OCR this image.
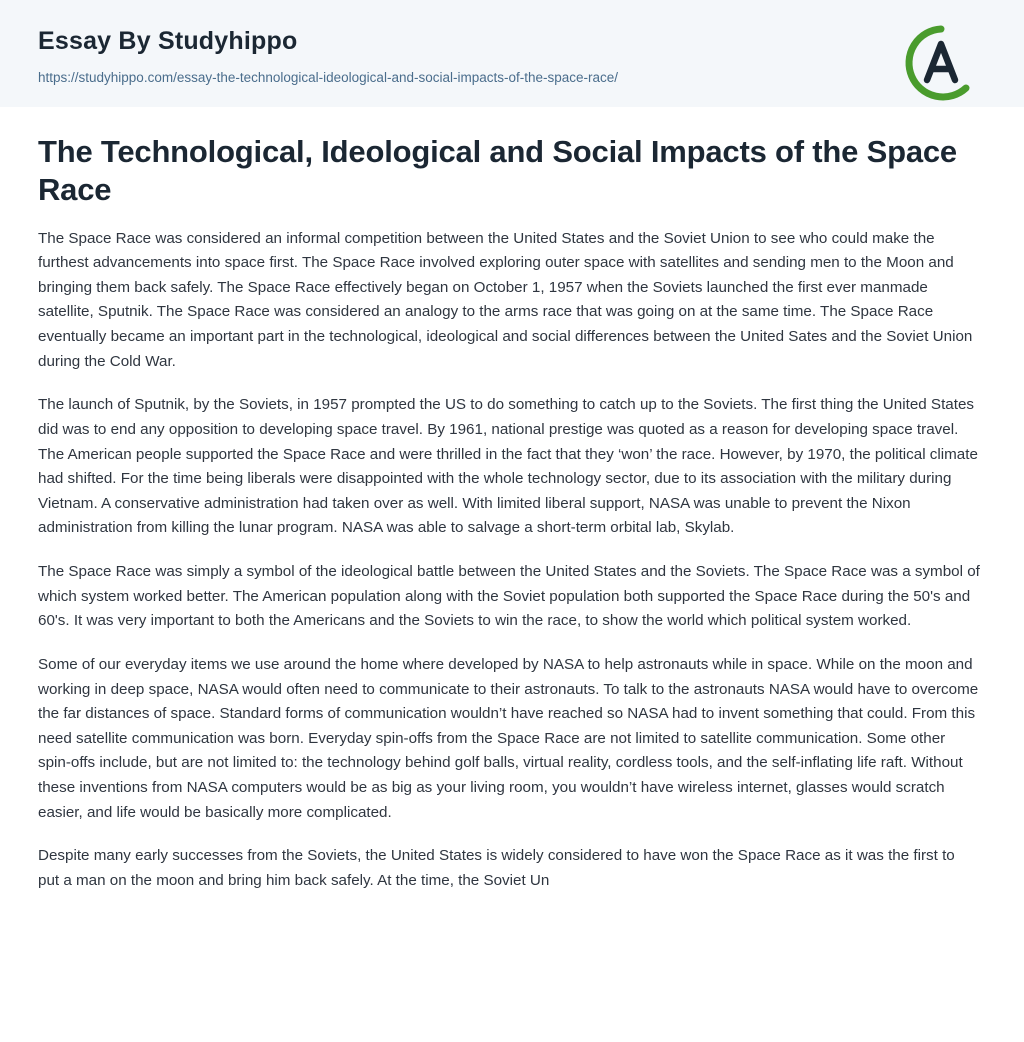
Essay By Studyhippo
https://studyhippo.com/essay-the-technological-ideological-and-social-impacts-of-the-space-race/
The Technological, Ideological and Social Impacts of the Space Race

The Space Race was considered an informal competition between the United States and the Soviet Union to see who could make the furthest advancements into space first. The Space Race involved exploring outer space with satellites and sending men to the Moon and bringing them back safely. The Space Race effectively began on October 1, 1957 when the Soviets launched the first ever manmade satellite, Sputnik. The Space Race was considered an analogy to the arms race that was going on at the same time. The Space Race eventually became an important part in the technological, ideological and social differences between the United Sates and the Soviet Union during the Cold War.

The launch of Sputnik, by the Soviets, in 1957 prompted the US to do something to catch up to the Soviets. The first thing the United States did was to end any opposition to developing space travel. By 1961, national prestige was quoted as a reason for developing space travel. The American people supported the Space Race and were thrilled in the fact that they ‘won’ the race. However, by 1970, the political climate had shifted. For the time being liberals were disappointed with the whole technology sector, due to its association with the military during Vietnam. A conservative administration had taken over as well. With limited liberal support, NASA was unable to prevent the Nixon administration from killing the lunar program. NASA was able to salvage a short-term orbital lab, Skylab.

The Space Race was simply a symbol of the ideological battle between the United States and the Soviets. The Space Race was a symbol of which system worked better. The American population along with the Soviet population both supported the Space Race during the 50's and 60's. It was very important to both the Americans and the Soviets to win the race, to show the world which political system worked.

Some of our everyday items we use around the home where developed by NASA to help astronauts while in space. While on the moon and working in deep space, NASA would often need to communicate to their astronauts. To talk to the astronauts NASA would have to overcome the far distances of space. Standard forms of communication wouldn’t have reached so NASA had to invent something that could. From this need satellite communication was born. Everyday spin-offs from the Space Race are not limited to satellite communication. Some other spin-offs include, but are not limited to: the technology behind golf balls, virtual reality, cordless tools, and the self-inflating life raft. Without these inventions from NASA computers would be as big as your living room, you wouldn’t have wireless internet, glasses would scratch easier, and life would be basically more complicated.

Despite many early successes from the Soviets, the United States is widely considered to have won the Space Race as it was the first to put a man on the moon and bring him back safely. At the time, the Soviet Un
